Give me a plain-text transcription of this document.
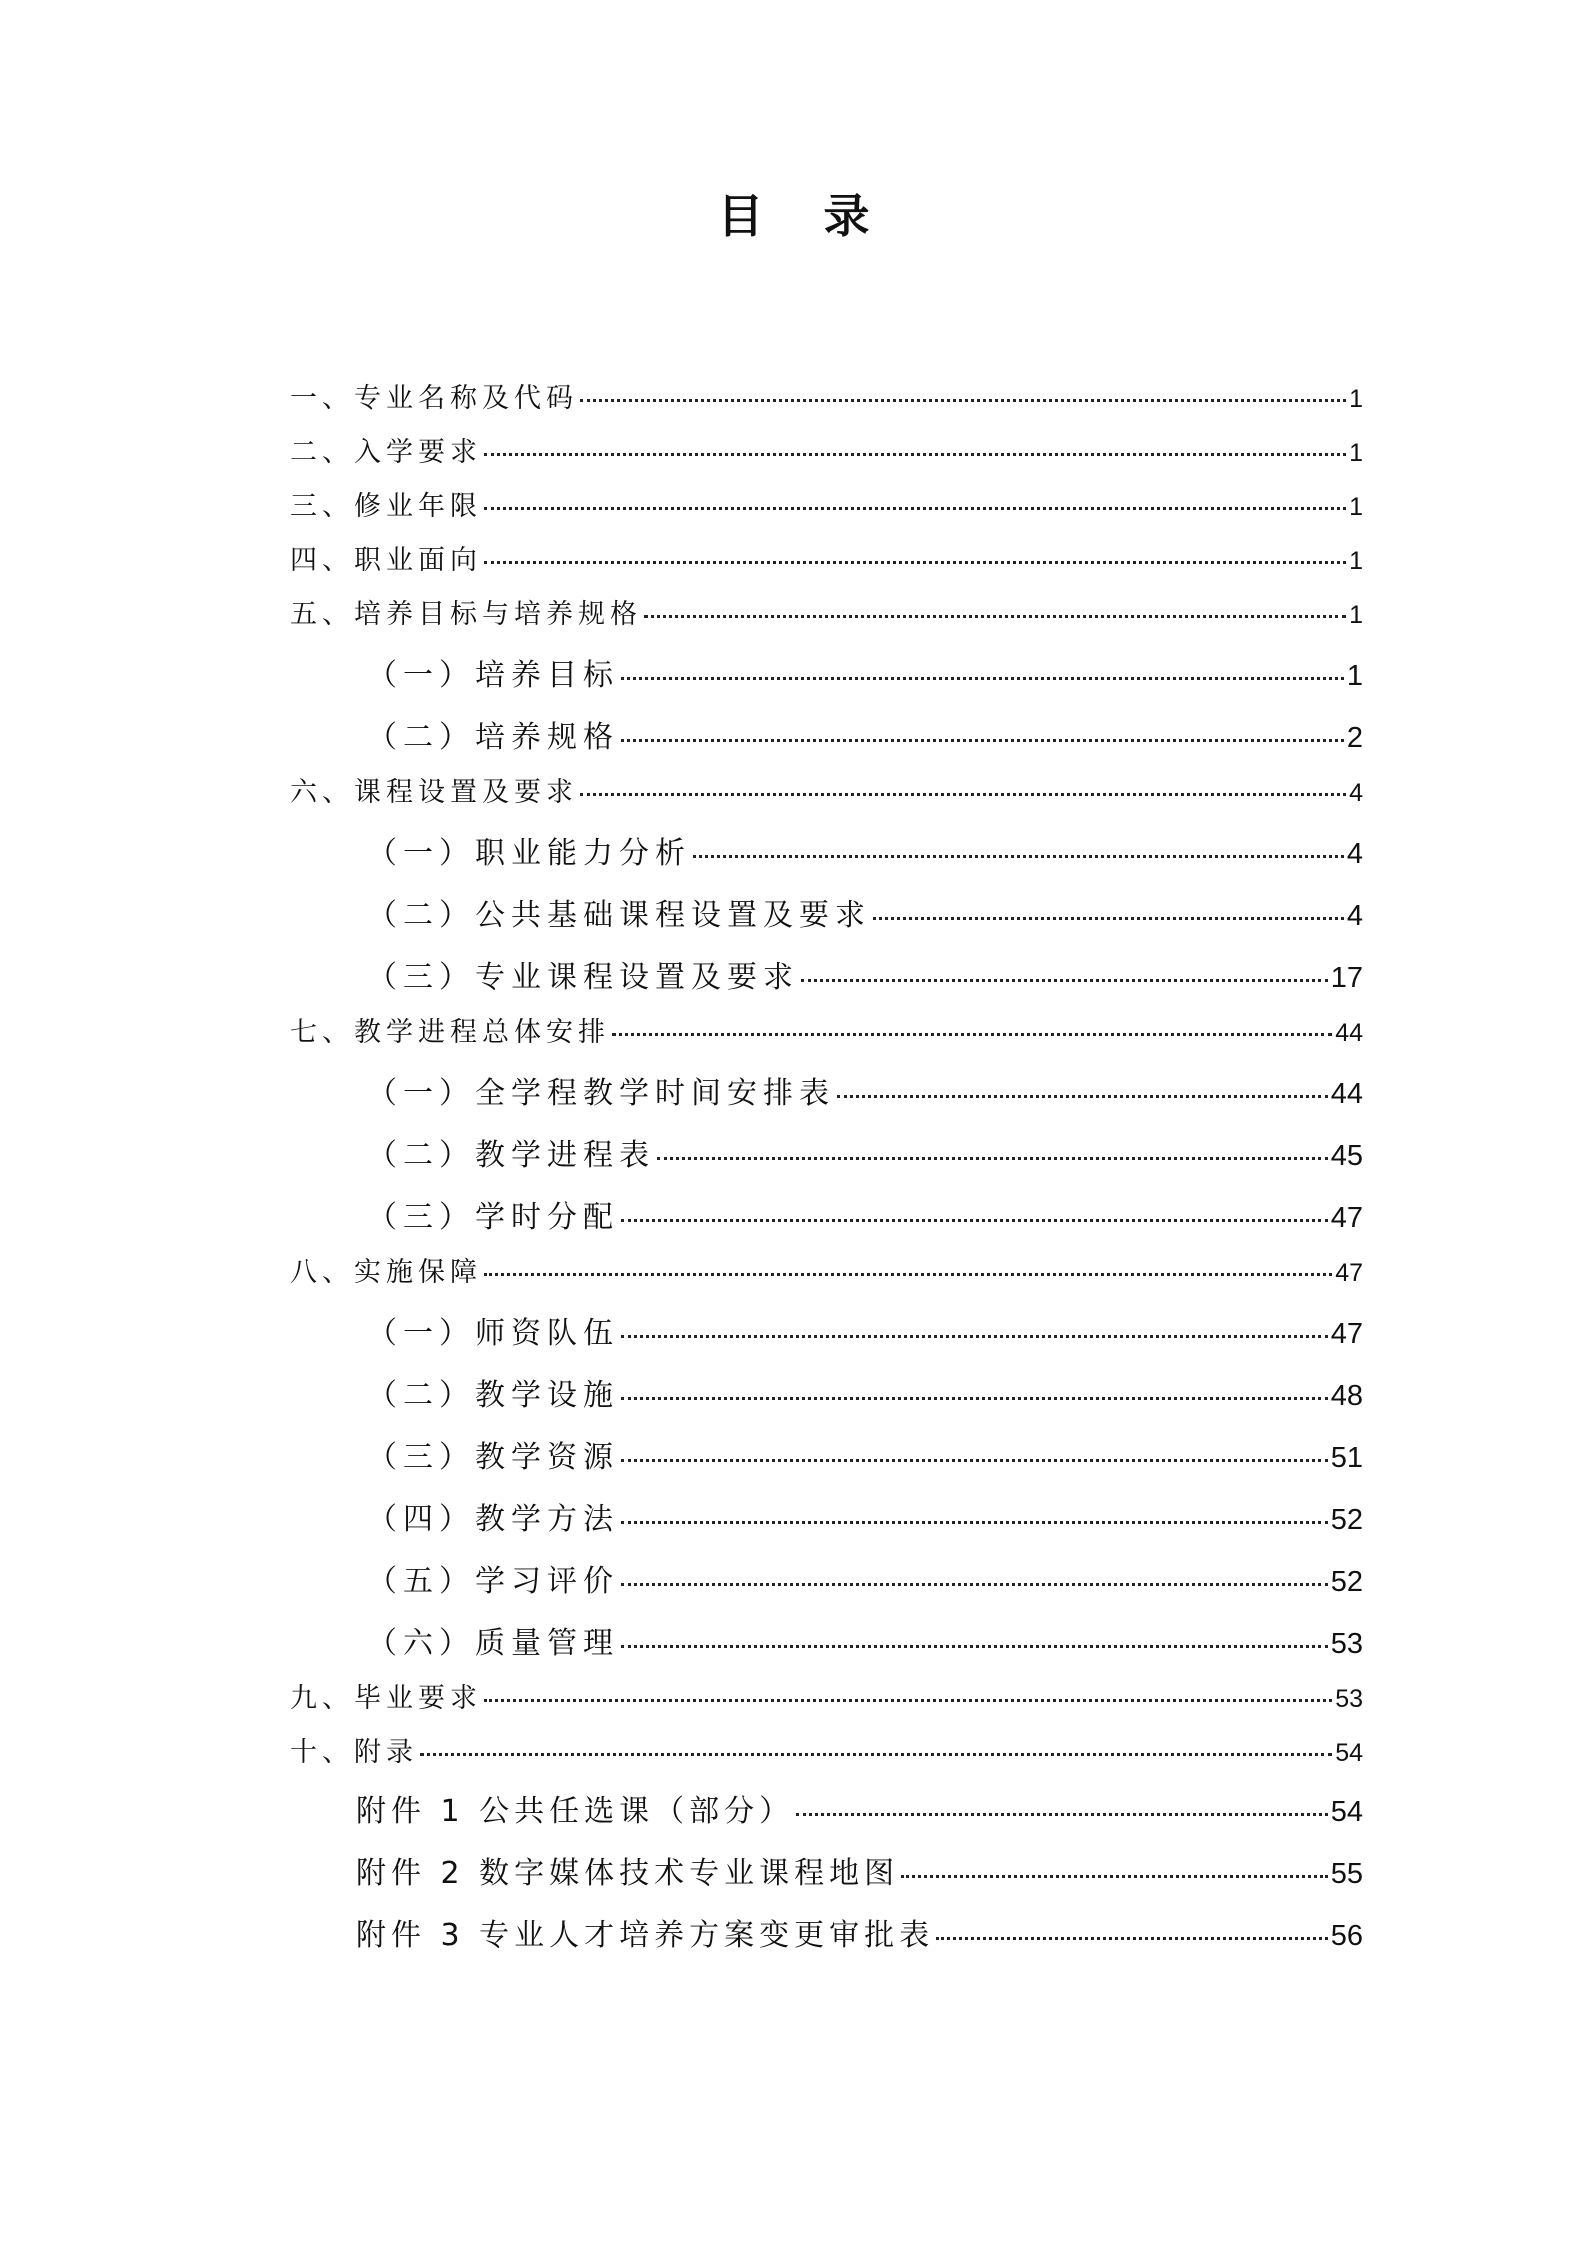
目 录
一、专业名称及代码	1
二、入学要求	1
三、修业年限	1
四、职业面向	1
五、培养目标与培养规格	1
（一）培养目标	1
（二）培养规格	2
六、课程设置及要求	4
（一）职业能力分析	4
（二）公共基础课程设置及要求	4
（三）专业课程设置及要求	17
七、教学进程总体安排	44
（一）全学程教学时间安排表	44
（二）教学进程表	45
（三）学时分配	47
八、实施保障	47
（一）师资队伍	47
（二）教学设施	48
（三）教学资源	51
（四）教学方法	52
（五）学习评价	52
（六）质量管理	53
九、毕业要求	53
十、附录	54
附件 1 公共任选课（部分）	54
附件 2 数字媒体技术专业课程地图	55
附件 3 专业人才培养方案变更审批表	56
